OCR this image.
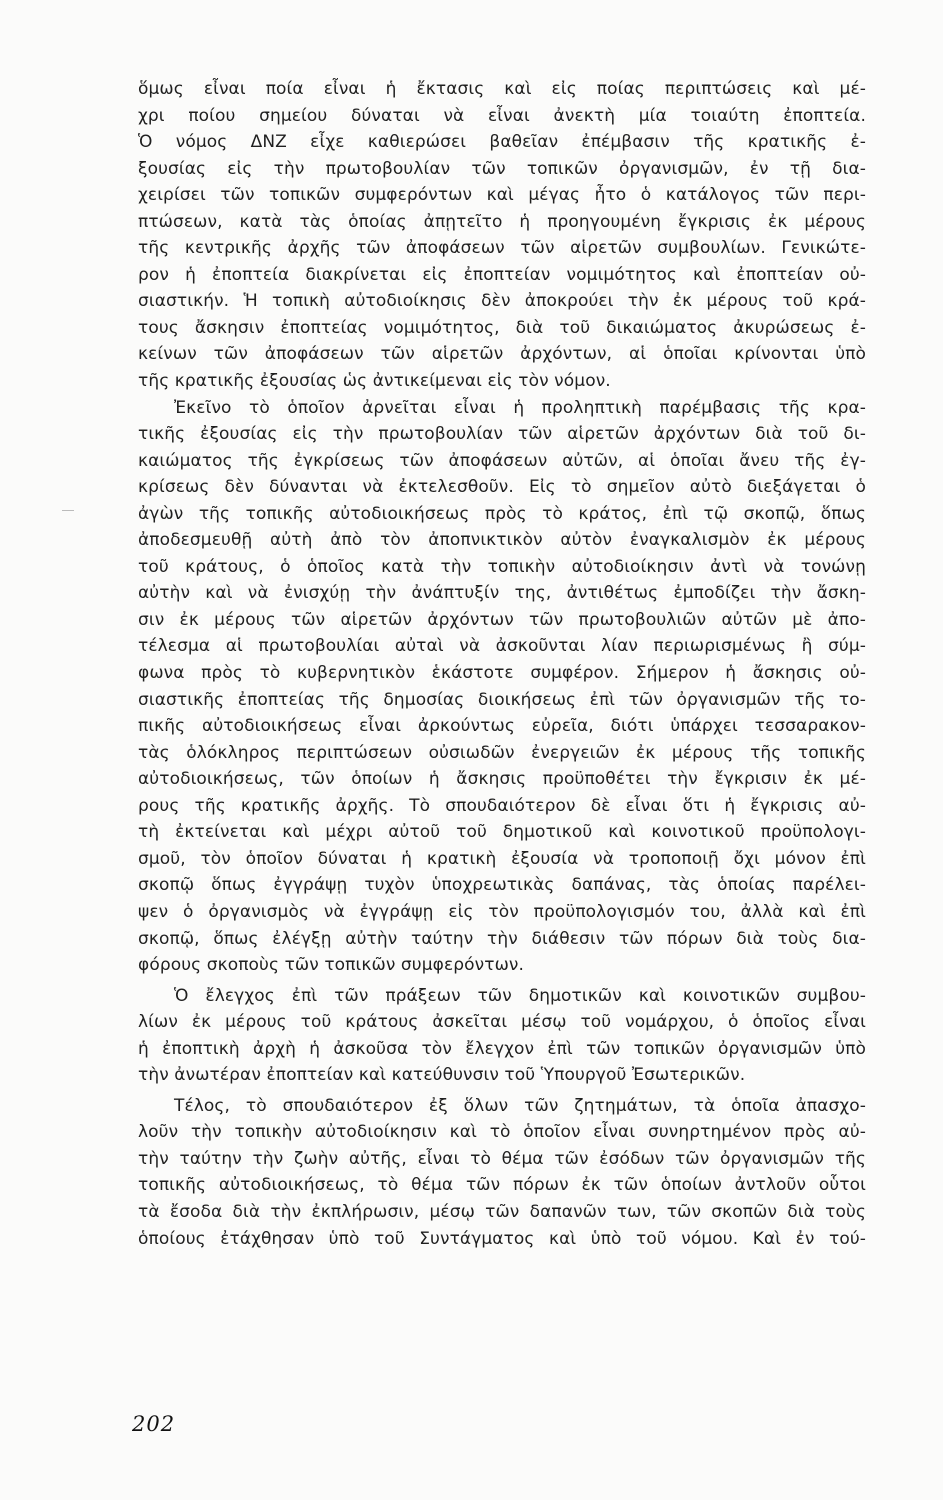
ὅμως εἶναι ποία εἶναι ἡ ἔκτασις καὶ εἰς ποίας περιπτώσεις καὶ μέ-
χρι ποίου σημείου δύναται νὰ εἶναι ἀνεκτὴ μία τοιαύτη ἐποπτεία.
Ὁ νόμος ΔΝΖ εἶχε καθιερώσει βαθεῖαν ἐπέμβασιν τῆς κρατικῆς ἐ-
ξουσίας εἰς τὴν πρωτοβουλίαν τῶν τοπικῶν ὀργανισμῶν, ἐν τῇ δια-
χειρίσει τῶν τοπικῶν συμφερόντων καὶ μέγας ἦτο ὁ κατάλογος τῶν περι-
πτώσεων, κατὰ τὰς ὁποίας ἀπῃτεῖτο ἡ προηγουμένη ἔγκρισις ἐκ μέρους
τῆς κεντρικῆς ἀρχῆς τῶν ἀποφάσεων τῶν αἱρετῶν συμβουλίων. Γενικώτε-
ρον ἡ ἐποπτεία διακρίνεται εἰς ἐποπτείαν νομιμότητος καὶ ἐποπτείαν οὐ-
σιαστικήν. Ἡ τοπικὴ αὐτοδιοίκησις δὲν ἀποκρούει τὴν ἐκ μέρους τοῦ κρά-
τους ἄσκησιν ἐποπτείας νομιμότητος, διὰ τοῦ δικαιώματος ἀκυρώσεως ἐ-
κείνων τῶν ἀποφάσεων τῶν αἱρετῶν ἀρχόντων, αἱ ὁποῖαι κρίνονται ὑπὸ
τῆς κρατικῆς ἐξουσίας ὡς ἀντικείμεναι εἰς τὸν νόμον.
Ἐκεῖνο τὸ ὁποῖον ἀρνεῖται εἶναι ἡ προληπτικὴ παρέμβασις τῆς κρα-
τικῆς ἐξουσίας εἰς τὴν πρωτοβουλίαν τῶν αἱρετῶν ἀρχόντων διὰ τοῦ δι-
καιώματος τῆς ἐγκρίσεως τῶν ἀποφάσεων αὐτῶν, αἱ ὁποῖαι ἄνευ τῆς ἐγ-
κρίσεως δὲν δύνανται νὰ ἐκτελεσθοῦν. Εἰς τὸ σημεῖον αὐτὸ διεξάγεται ὁ
ἀγὼν τῆς τοπικῆς αὐτοδιοικήσεως πρὸς τὸ κράτος, ἐπὶ τῷ σκοπῷ, ὅπως
ἀποδεσμευθῇ αὐτὴ ἀπὸ τὸν ἀποπνικτικὸν αὐτὸν ἐναγκαλισμὸν ἐκ μέρους
τοῦ κράτους, ὁ ὁποῖος κατὰ τὴν τοπικὴν αὐτοδιοίκησιν ἀντὶ νὰ τονώνῃ
αὐτὴν καὶ νὰ ἐνισχύῃ τὴν ἀνάπτυξίν της, ἀντιθέτως ἐμποδίζει τὴν ἄσκη-
σιν ἐκ μέρους τῶν αἱρετῶν ἀρχόντων τῶν πρωτοβουλιῶν αὐτῶν μὲ ἀπο-
τέλεσμα αἱ πρωτοβουλίαι αὐταὶ νὰ ἀσκοῦνται λίαν περιωρισμένως ἢ σύμ-
φωνα πρὸς τὸ κυβερνητικὸν ἑκάστοτε συμφέρον. Σήμερον ἡ ἄσκησις οὐ-
σιαστικῆς ἐποπτείας τῆς δημοσίας διοικήσεως ἐπὶ τῶν ὀργανισμῶν τῆς το-
πικῆς αὐτοδιοικήσεως εἶναι ἀρκούντως εὐρεῖα, διότι ὑπάρχει τεσσαρακον-
τὰς ὁλόκληρος περιπτώσεων οὐσιωδῶν ἐνεργειῶν ἐκ μέρους τῆς τοπικῆς
αὐτοδιοικήσεως, τῶν ὁποίων ἡ ἄσκησις προϋποθέτει τὴν ἔγκρισιν ἐκ μέ-
ρους τῆς κρατικῆς ἀρχῆς. Τὸ σπουδαιότερον δὲ εἶναι ὅτι ἡ ἔγκρισις αὐ-
τὴ ἐκτείνεται καὶ μέχρι αὐτοῦ τοῦ δημοτικοῦ καὶ κοινοτικοῦ προϋπολογι-
σμοῦ, τὸν ὁποῖον δύναται ἡ κρατικὴ ἐξουσία νὰ τροποποιῇ ὄχι μόνον ἐπὶ
σκοπῷ ὅπως ἐγγράψῃ τυχὸν ὑποχρεωτικὰς δαπάνας, τὰς ὁποίας παρέλει-
ψεν ὁ ὀργανισμὸς νὰ ἐγγράψῃ εἰς τὸν προϋπολογισμόν του, ἀλλὰ καὶ ἐπὶ
σκοπῷ, ὅπως ἐλέγξῃ αὐτὴν ταύτην τὴν διάθεσιν τῶν πόρων διὰ τοὺς δια-
φόρους σκοποὺς τῶν τοπικῶν συμφερόντων.
Ὁ ἔλεγχος ἐπὶ τῶν πράξεων τῶν δημοτικῶν καὶ κοινοτικῶν συμβου-
λίων ἐκ μέρους τοῦ κράτους ἀσκεῖται μέσῳ τοῦ νομάρχου, ὁ ὁποῖος εἶναι
ἡ ἐποπτικὴ ἀρχὴ ἡ ἀσκοῦσα τὸν ἔλεγχον ἐπὶ τῶν τοπικῶν ὀργανισμῶν ὑπὸ
τὴν ἀνωτέραν ἐποπτείαν καὶ κατεύθυνσιν τοῦ Ὑπουργοῦ Ἐσωτερικῶν.
Τέλος, τὸ σπουδαιότερον ἐξ ὅλων τῶν ζητημάτων, τὰ ὁποῖα ἀπασχο-
λοῦν τὴν τοπικὴν αὐτοδιοίκησιν καὶ τὸ ὁποῖον εἶναι συνηρτημένον πρὸς αὐ-
τὴν ταύτην τὴν ζωὴν αὐτῆς, εἶναι τὸ θέμα τῶν ἐσόδων τῶν ὀργανισμῶν τῆς
τοπικῆς αὐτοδιοικήσεως, τὸ θέμα τῶν πόρων ἐκ τῶν ὁποίων ἀντλοῦν οὗτοι
τὰ ἔσοδα διὰ τὴν ἐκπλήρωσιν, μέσῳ τῶν δαπανῶν των, τῶν σκοπῶν διὰ τοὺς
ὁποίους ἐτάχθησαν ὑπὸ τοῦ Συντάγματος καὶ ὑπὸ τοῦ νόμου. Καὶ ἐν τού-
202
